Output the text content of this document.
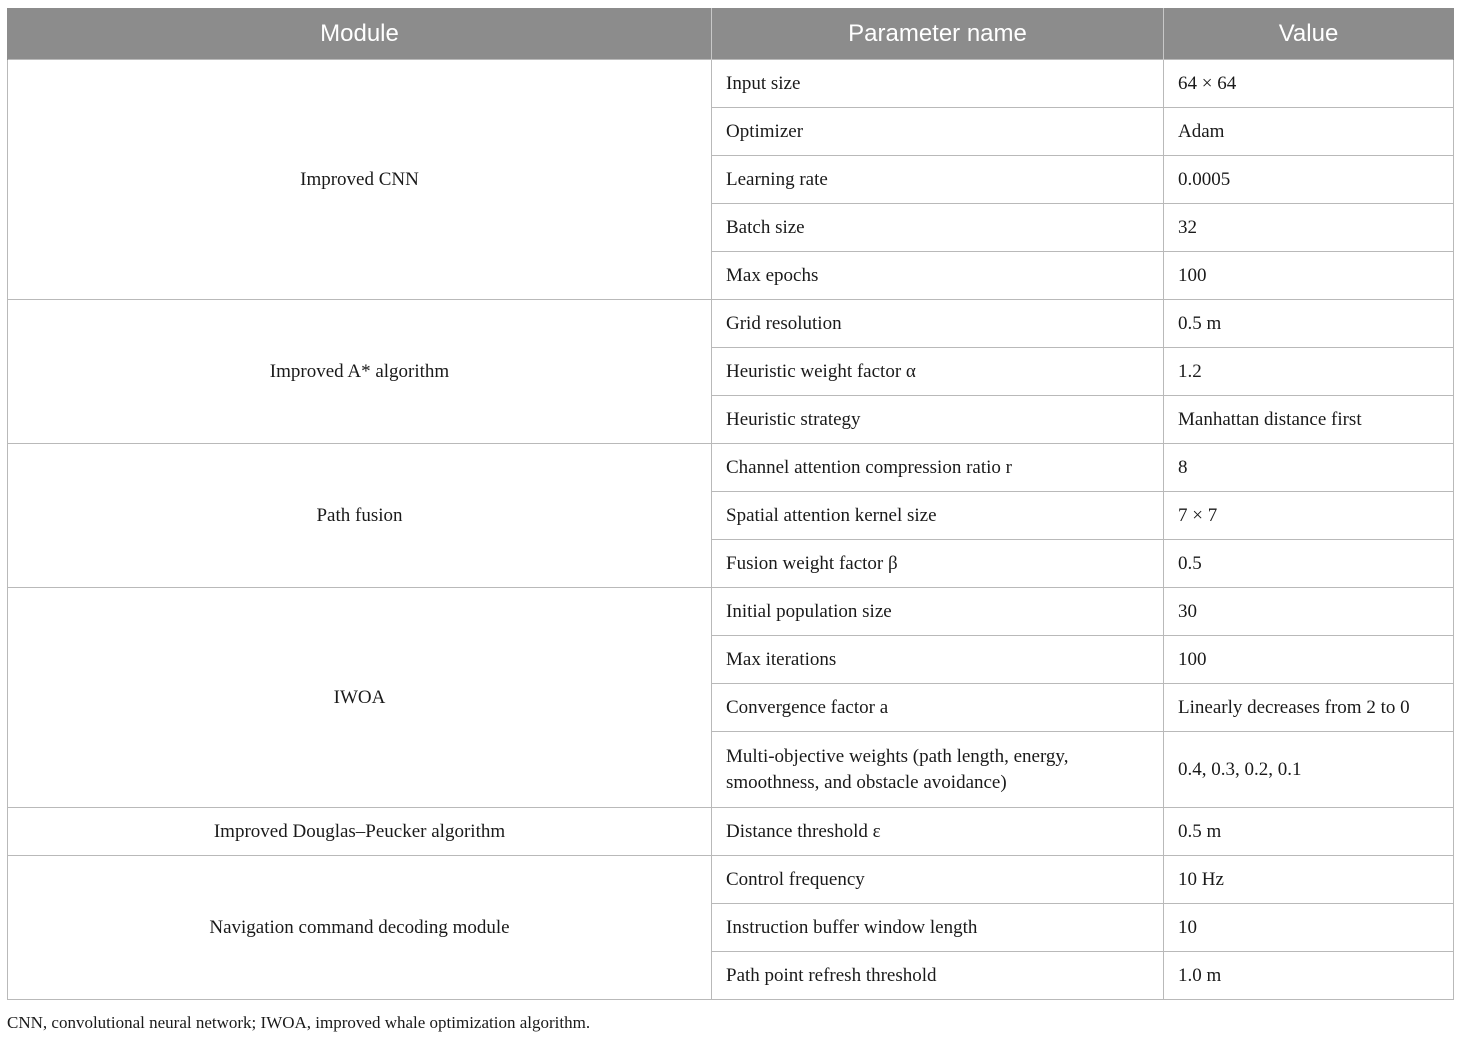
Module	Parameter name	Value
Improved CNN	Input size	64 × 64
	Optimizer	Adam
	Learning rate	0.0005
	Batch size	32
	Max epochs	100
Improved A* algorithm	Grid resolution	0.5 m
	Heuristic weight factor α	1.2
	Heuristic strategy	Manhattan distance first
Path fusion	Channel attention compression ratio r	8
	Spatial attention kernel size	7 × 7
	Fusion weight factor β	0.5
IWOA	Initial population size	30
	Max iterations	100
	Convergence factor a	Linearly decreases from 2 to 0
	Multi-objective weights (path length, energy, smoothness, and obstacle avoidance)	0.4, 0.3, 0.2, 0.1
Improved Douglas–Peucker algorithm	Distance threshold ε	0.5 m
Navigation command decoding module	Control frequency	10 Hz
	Instruction buffer window length	10
	Path point refresh threshold	1.0 m
CNN, convolutional neural network; IWOA, improved whale optimization algorithm.
